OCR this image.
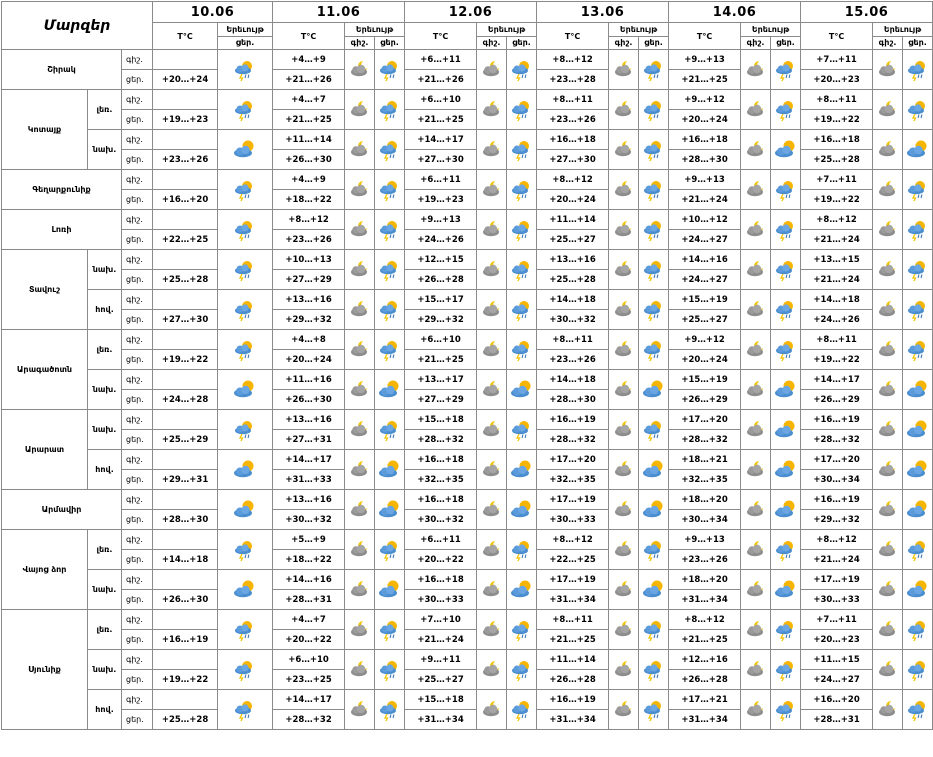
Մարզեր			10.06		11.06			12.06			13.06			14.06			15.06		
			T°C	Երեւույթ	T°C	Երեւույթ		T°C	Երեւույթ		T°C	Երեւույթ		T°C	Երեւույթ		T°C	Երեւույթ	
				ցեր.		գիշ.	ցեր.		գիշ.	ցեր.		գիշ.	ցեր.		գիշ.	ցեր.		գիշ.	ցեր.
Շիրակ		գիշ.			+4…+9			+6…+11			+8…+12			+9…+13			+7…+11	

		ցեր.	+20…+24		+21…+26			+21…+26			+23…+28			+21…+25			+20…+23		
Կոտայք	լեռ.	գիշ.			+4…+7			+6…+10			+8…+11			+9…+12			+8…+11	

		ցեր.	+19…+23		+21…+25			+21…+25			+23…+26			+20…+24			+19…+22		
	նախ.	գիշ.			+11…+14			+14…+17			+16…+18			+16…+18			+16…+18	

		ցեր.	+23…+26		+26…+30			+27…+30			+27…+30			+28…+30			+25…+28		
Գեղարքունիք		գիշ.			+4…+9			+6…+11			+8…+12			+9…+13			+7…+11	

		ցեր.	+16…+20		+18…+22			+19…+23			+20…+24			+21…+24			+19…+22		
Լոռի		գիշ.			+8…+12			+9…+13			+11…+14			+10…+12			+8…+12	

		ցեր.	+22…+25		+23…+26			+24…+26			+25…+27			+24…+27			+21…+24		
Տավուշ	նախ.	գիշ.			+10…+13			+12…+15			+13…+16			+14…+16			+13…+15	

		ցեր.	+25…+28		+27…+29			+26…+28			+25…+28			+24…+27			+21…+24		
	հով.	գիշ.			+13…+16			+15…+17			+14…+18			+15…+19			+14…+18	

		ցեր.	+27…+30		+29…+32			+29…+32			+30…+32			+25…+27			+24…+26		
Արագածոտն	լեռ.	գիշ.			+4…+8			+6…+10			+8…+11			+9…+12			+8…+11	

		ցեր.	+19…+22		+20…+24			+21…+25			+23…+26			+20…+24			+19…+22		
	նախ.	գիշ.			+11…+16			+13…+17			+14…+18			+15…+19			+14…+17	

		ցեր.	+24…+28		+26…+30			+27…+29			+28…+30			+26…+29			+26…+29		
Արարատ	նախ.	գիշ.			+13…+16			+15…+18			+16…+19			+17…+20			+16…+19	

		ցեր.	+25…+29		+27…+31			+28…+32			+28…+32			+28…+32			+28…+32		
	հով.	գիշ.			+14…+17			+16…+18			+17…+20			+18…+21			+17…+20	

		ցեր.	+29…+31		+31…+33			+32…+35			+32…+35			+32…+35			+30…+34		
Արմավիր		գիշ.			+13…+16			+16…+18			+17…+19			+18…+20			+16…+19	

		ցեր.	+28…+30		+30…+32			+30…+32			+30…+33			+30…+34			+29…+32		
Վայոց ձոր	լեռ.	գիշ.			+5…+9			+6…+11			+8…+12			+9…+13			+8…+12	

		ցեր.	+14…+18		+18…+22			+20…+22			+22…+25			+23…+26			+21…+24		
	նախ.	գիշ.			+14…+16			+16…+18			+17…+19			+18…+20			+17…+19	

		ցեր.	+26…+30		+28…+31			+30…+33			+31…+34			+31…+34			+30…+33		
Սյունիք	լեռ.	գիշ.			+4…+7			+7…+10			+8…+11			+8…+12			+7…+11	

		ցեր.	+16…+19		+20…+22			+21…+24			+21…+25			+21…+25			+20…+23		
	նախ.	գիշ.			+6…+10			+9…+11			+11…+14			+12…+16			+11…+15	

		ցեր.	+19…+22		+23…+25			+25…+27			+26…+28			+26…+28			+24…+27		
	հով.	գիշ.			+14…+17			+15…+18			+16…+19			+17…+21			+16…+20	

		ցեր.	+25…+28		+28…+32			+31…+34			+31…+34			+31…+34			+28…+31		
